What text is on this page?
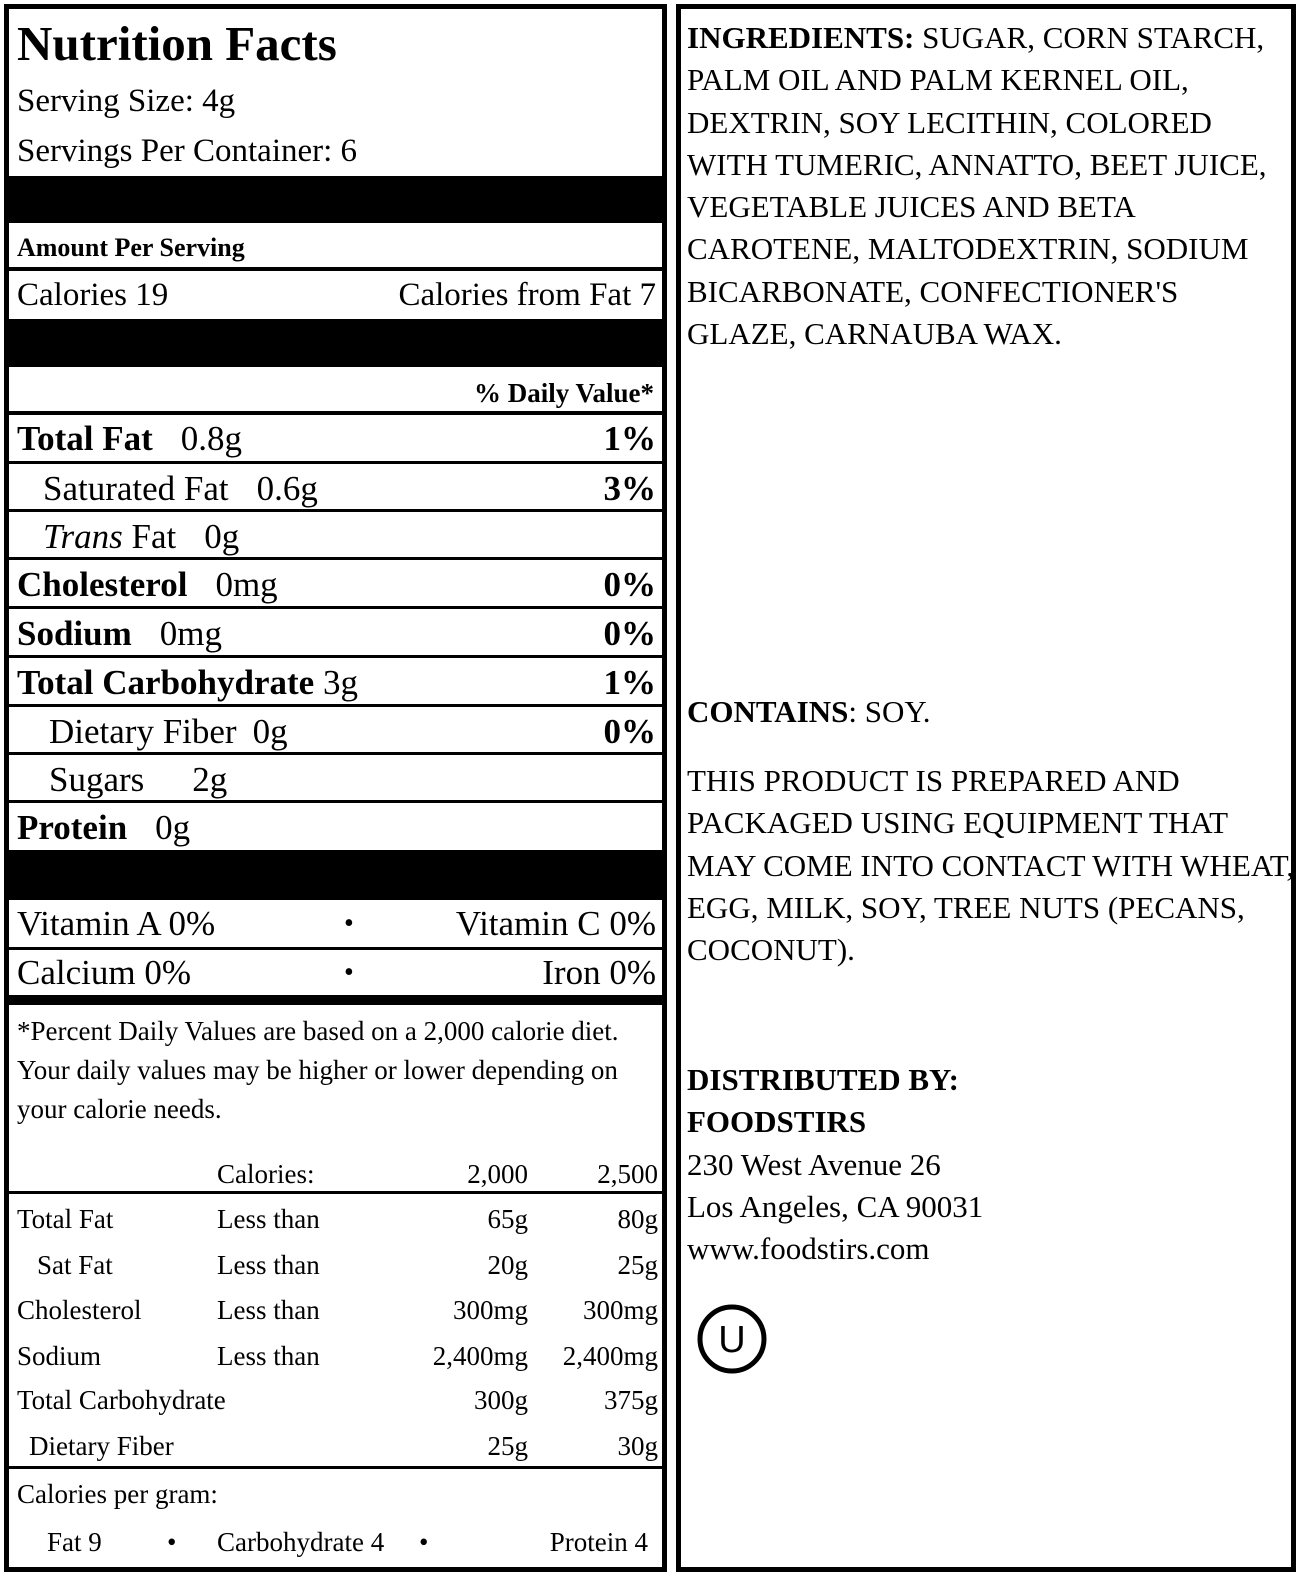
Nutrition Facts
Serving Size: 4g
Servings Per Container: 6
Amount Per Serving
Calories 19	Calories from Fat 7
% Daily Value*
Total Fat 0.8g	1%
Saturated Fat 0.6g	3%
Trans Fat 0g
Cholesterol 0mg	0%
Sodium 0mg	0%
Total Carbohydrate 3g	1%
Dietary Fiber 0g	0%
Sugars 2g
Protein 0g
Vitamin A 0%	•	Vitamin C 0%
Calcium 0%	•	Iron 0%
*Percent Daily Values are based on a 2,000 calorie diet. Your daily values may be higher or lower depending on your calorie needs.
Calories:	2,000	2,500
Total Fat	Less than	65g	80g
Sat Fat	Less than	20g	25g
Cholesterol	Less than	300mg 300mg
Sodium	Less than	2,400mg 2,400mg
Total Carbohydrate	300g	375g
Dietary Fiber	25g	30g
Calories per gram:
Fat 9 • Carbohydrate 4 •	Protein 4
INGREDIENTS: SUGAR, CORN STARCH, PALM OIL AND PALM KERNEL OIL, DEXTRIN, SOY LECITHIN, COLORED WITH TUMERIC, ANNATTO, BEET JUICE, VEGETABLE JUICES AND BETA CAROTENE, MALTODEXTRIN, SODIUM BICARBONATE, CONFECTIONER'S GLAZE, CARNAUBA WAX.
CONTAINS: SOY.
THIS PRODUCT IS PREPARED AND PACKAGED USING EQUIPMENT THAT MAY COME INTO CONTACT WITH WHEAT, EGG, MILK, SOY, TREE NUTS (PECANS, COCONUT).
DISTRIBUTED BY:
FOODSTIRS
230 West Avenue 26
Los Angeles, CA 90031
www.foodstirs.com
U
